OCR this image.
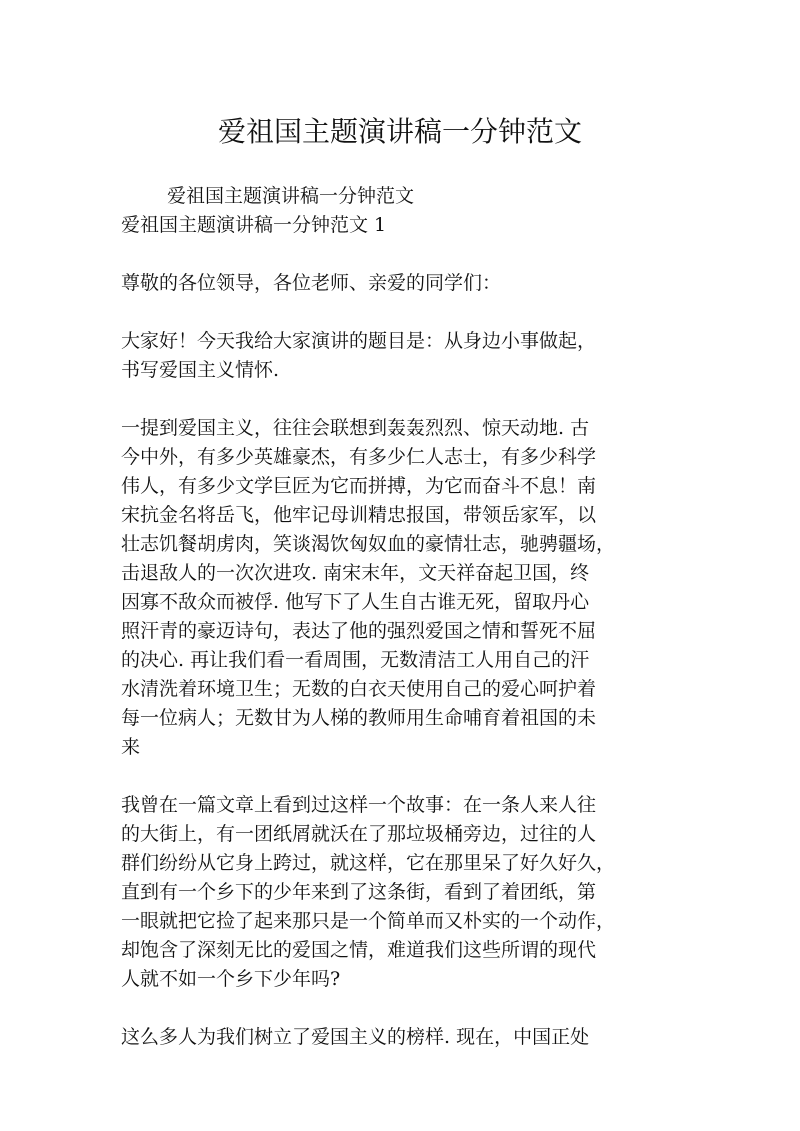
爱祖国主题演讲稿一分钟范文

爱祖国主题演讲稿一分钟范文

爱祖国主题演讲稿一分钟范文 1

尊敬的各位领导，各位老师、亲爱的同学们：

大家好！今天我给大家演讲的题目是：从身边小事做起，

书写爱国主义情怀.

一提到爱国主义，往往会联想到轰轰烈烈、惊天动地. 古

今中外，有多少英雄豪杰，有多少仁人志士，有多少科学

伟人，有多少文学巨匠为它而拼搏，为它而奋斗不息！南

宋抗金名将岳飞，他牢记母训精忠报国，带领岳家军，以

壮志饥餐胡虏肉，笑谈渴饮匈奴血的豪情壮志，驰骋疆场，

击退敌人的一次次进攻. 南宋末年，文天祥奋起卫国，终

因寡不敌众而被俘. 他写下了人生自古谁无死，留取丹心

照汗青的豪迈诗句，表达了他的强烈爱国之情和誓死不屈

的决心. 再让我们看一看周围，无数清洁工人用自己的汗

水清洗着环境卫生；无数的白衣天使用自己的爱心呵护着

每一位病人；无数甘为人梯的教师用生命哺育着祖国的未

来

我曾在一篇文章上看到过这样一个故事：在一条人来人往

的大街上，有一团纸屑就沃在了那垃圾桶旁边，过往的人

群们纷纷从它身上跨过，就这样，它在那里呆了好久好久，

直到有一个乡下的少年来到了这条街，看到了着团纸，第

一眼就把它捡了起来那只是一个简单而又朴实的一个动作，

却饱含了深刻无比的爱国之情，难道我们这些所谓的现代

人就不如一个乡下少年吗?

这么多人为我们树立了爱国主义的榜样. 现在，中国正处
